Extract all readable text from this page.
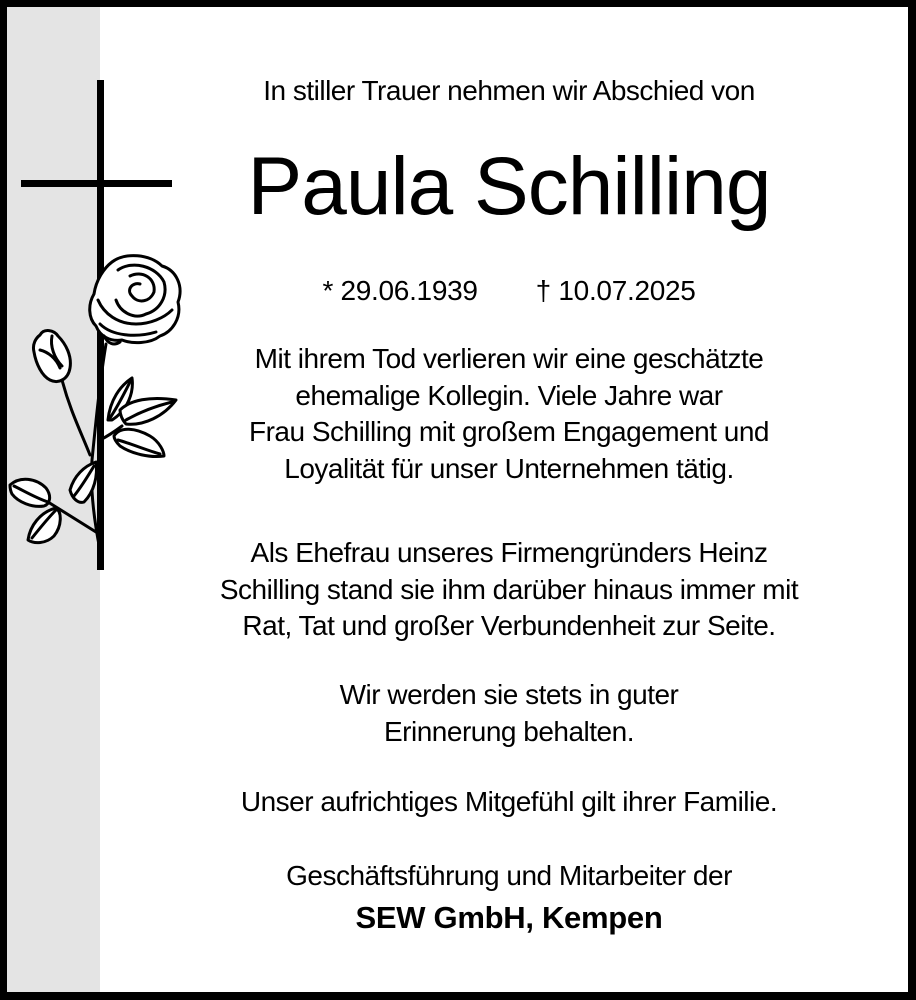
In stiller Trauer nehmen wir Abschied von
Paula Schilling
* 29.06.1939 † 10.07.2025
Mit ihrem Tod verlieren wir eine geschätzte
ehemalige Kollegin. Viele Jahre war
Frau Schilling mit großem Engagement und
Loyalität für unser Unternehmen tätig.
Als Ehefrau unseres Firmengründers Heinz
Schilling stand sie ihm darüber hinaus immer mit
Rat, Tat und großer Verbundenheit zur Seite.
Wir werden sie stets in guter
Erinnerung behalten.
Unser aufrichtiges Mitgefühl gilt ihrer Familie.
Geschäftsführung und Mitarbeiter der
SEW GmbH, Kempen
